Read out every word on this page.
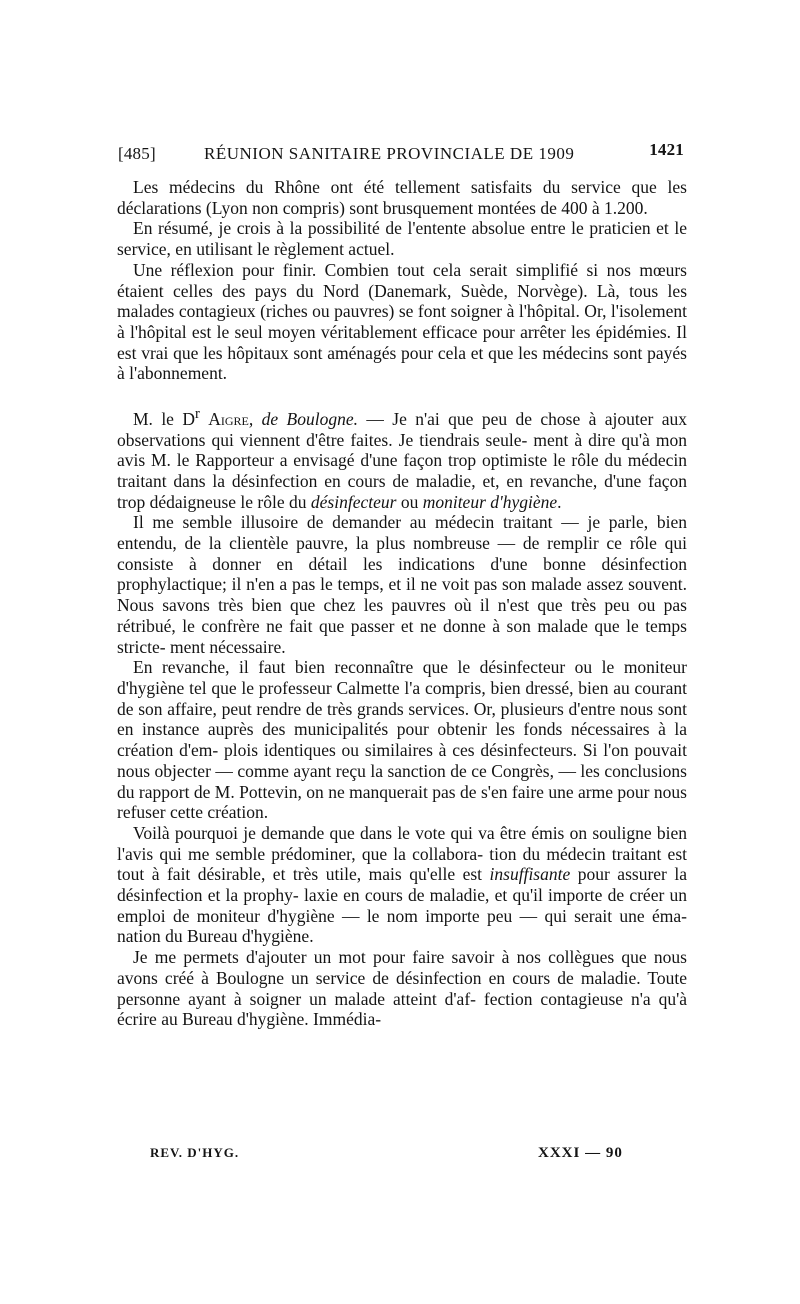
[485]	RÉUNION SANITAIRE PROVINCIALE DE 1909	1421

Les médecins du Rhône ont été tellement satisfaits du service que les déclarations (Lyon non compris) sont brusquement montées de 400 à 1.200.

En résumé, je crois à la possibilité de l'entente absolue entre le praticien et le service, en utilisant le règlement actuel.

Une réflexion pour finir. Combien tout cela serait simplifié si nos mœurs étaient celles des pays du Nord (Danemark, Suède, Norvège). Là, tous les malades contagieux (riches ou pauvres) se font soigner à l'hôpital. Or, l'isolement à l'hôpital est le seul moyen véritablement efficace pour arrêter les épidémies. Il est vrai que les hôpitaux sont aménagés pour cela et que les médecins sont payés à l'abonnement.

M. le $D^r$ Aigre, de Boulogne. — Je n'ai que peu de chose à ajouter aux observations qui viennent d'être faites. Je tiendrais seule- ment à dire qu'à mon avis M. le Rapporteur a envisagé d'une façon trop optimiste le rôle du médecin traitant dans la désinfection en cours de maladie, et, en revanche, d'une façon trop dédaigneuse le rôle du désinfecteur ou moniteur d'hygiène.

Il me semble illusoire de demander au médecin traitant — je parle, bien entendu, de la clientèle pauvre, la plus nombreuse — de remplir ce rôle qui consiste à donner en détail les indications d'une bonne désinfection prophylactique; il n'en a pas le temps, et il ne voit pas son malade assez souvent. Nous savons très bien que chez les pauvres où il n'est que très peu ou pas rétribué, le confrère ne fait que passer et ne donne à son malade que le temps stricte- ment nécessaire.

En revanche, il faut bien reconnaître que le désinfecteur ou le moniteur d'hygiène tel que le professeur Calmette l'a compris, bien dressé, bien au courant de son affaire, peut rendre de très grands services. Or, plusieurs d'entre nous sont en instance auprès des municipalités pour obtenir les fonds nécessaires à la création d'em- plois identiques ou similaires à ces désinfecteurs. Si l'on pouvait nous objecter — comme ayant reçu la sanction de ce Congrès, — les conclusions du rapport de M. Pottevin, on ne manquerait pas de s'en faire une arme pour nous refuser cette création.

Voilà pourquoi je demande que dans le vote qui va être émis on souligne bien l'avis qui me semble prédominer, que la collabora- tion du médecin traitant est tout à fait désirable, et très utile, mais qu'elle est insuffisante pour assurer la désinfection et la prophy- laxie en cours de maladie, et qu'il importe de créer un emploi de moniteur d'hygiène — le nom importe peu — qui serait une éma- nation du Bureau d'hygiène.

Je me permets d'ajouter un mot pour faire savoir à nos collègues que nous avons créé à Boulogne un service de désinfection en cours de maladie. Toute personne ayant à soigner un malade atteint d'af- fection contagieuse n'a qu'à écrire au Bureau d'hygiène. Immédia-

REV. D'HYG.	XXXI — 90
